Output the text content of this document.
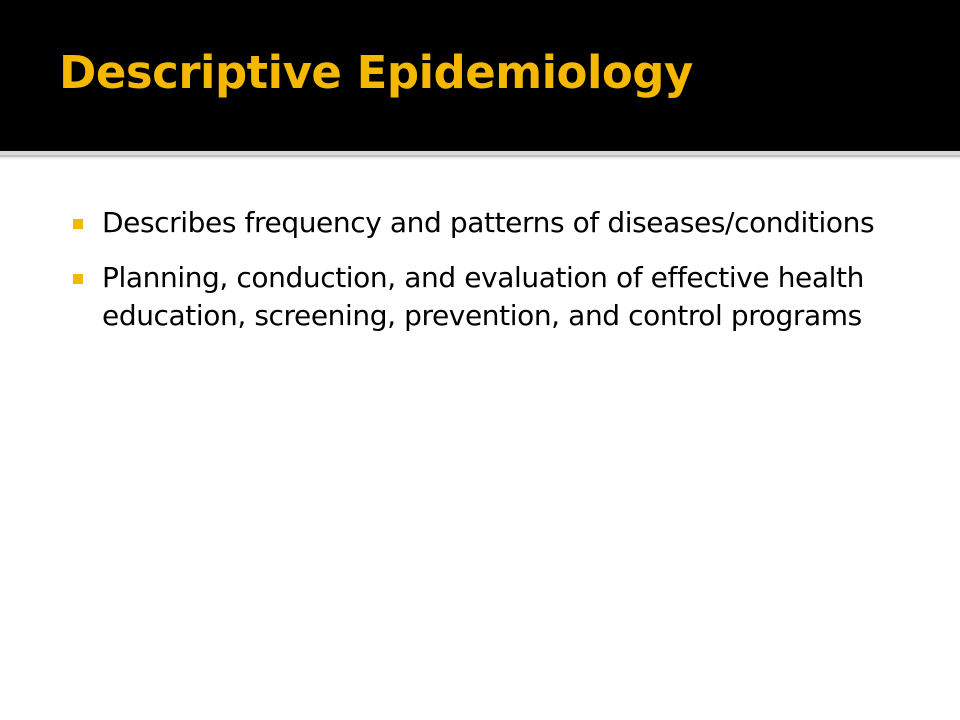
Descriptive Epidemiology
Describes frequency and patterns of diseases/conditions
Planning, conduction, and evaluation of effective health education, screening, prevention, and control programs
